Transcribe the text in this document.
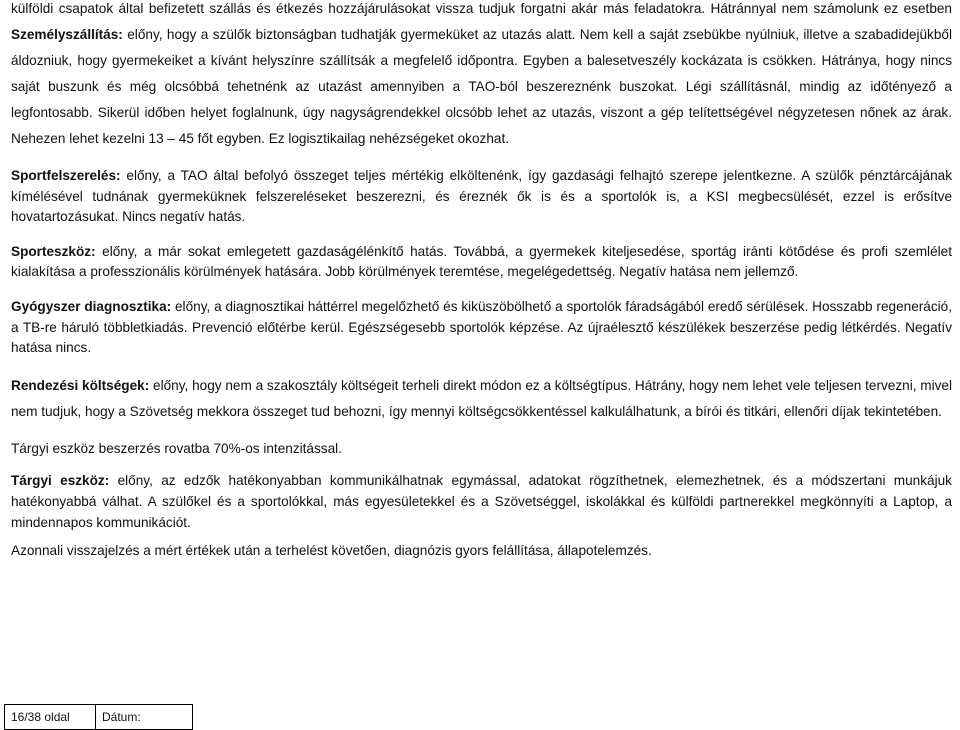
külföldi csapatok által befizetett szállás és étkezés hozzájárulásokat vissza tudjuk forgatni akár más feladatokra. Hátránnyal nem számolunk ez esetben Személyszállítás: előny, hogy a szülők biztonságban tudhatják gyermeküket az utazás alatt. Nem kell a saját zsebükbe nyúlniuk, illetve a szabadidejükből áldozniuk, hogy gyermekeiket a kívánt helyszínre szállítsák a megfelelő időpontra. Egyben a balesetveszély kockázata is csökken. Hátránya, hogy nincs saját buszunk és még olcsóbbá tehetnénk az utazást amennyiben a TAO-ból beszereznénk buszokat. Légi szállításnál, mindig az időtényező a legfontosabb. Sikerül időben helyet foglalnunk, úgy nagyságrendekkel olcsóbb lehet az utazás, viszont a gép telítettségével négyzetesen nőnek az árak. Nehezen lehet kezelni 13 – 45 főt egyben. Ez logisztikailag nehézségeket okozhat.

Sportfelszerelés: előny, a TAO által befolyó összeget teljes mértékig elköltenénk, így gazdasági felhajtó szerepe jelentkezne. A szülők pénztárcájának kímélésével tudnának gyermeküknek felszereléseket beszerezni, és éreznék ők is és a sportolók is, a KSI megbecsülését, ezzel is erősítve hovatartozásukat. Nincs negatív hatás.

Sporteszköz: előny, a már sokat emlegetett gazdaságélénkítő hatás. Továbbá, a gyermekek kiteljesedése, sportág iránti kötődése és profi szemlélet kialakítása a professzionális körülmények hatására. Jobb körülmények teremtése, megelégedettség. Negatív hatása nem jellemző.

Gyógyszer diagnosztika: előny, a diagnosztikai háttérrel megelőzhető és kiküszöbölhető a sportolók fáradságából eredő sérülések. Hosszabb regeneráció, a TB-re háruló többletkiadás. Prevenció előtérbe kerül. Egészségesebb sportolók képzése. Az újraélesztő készülékek beszerzése pedig létkérdés. Negatív hatása nincs.

Rendezési költségek: előny, hogy nem a szakosztály költségeit terheli direkt módon ez a költségtípus. Hátrány, hogy nem lehet vele teljesen tervezni, mivel nem tudjuk, hogy a Szövetség mekkora összeget tud behozni, így mennyi költségcsökkentéssel kalkulálhatunk, a bírói és titkári, ellenőri díjak tekintetében.

Tárgyi eszköz beszerzés rovatba 70%-os intenzitással.

Tárgyi eszköz: előny, az edzők hatékonyabban kommunikálhatnak egymással, adatokat rögzíthetnek, elemezhetnek, és a módszertani munkájuk hatékonyabbá válhat. A szülőkel és a sportolókkal, más egyesületekkel és a Szövetséggel, iskolákkal és külföldi partnerekkel megkönnyíti a Laptop, a mindennapos kommunikációt.

Azonnali visszajelzés a mért értékek után a terhelést követően, diagnózis gyors felállítása, állapotelemzés.

16/38 oldal	Dátum:
